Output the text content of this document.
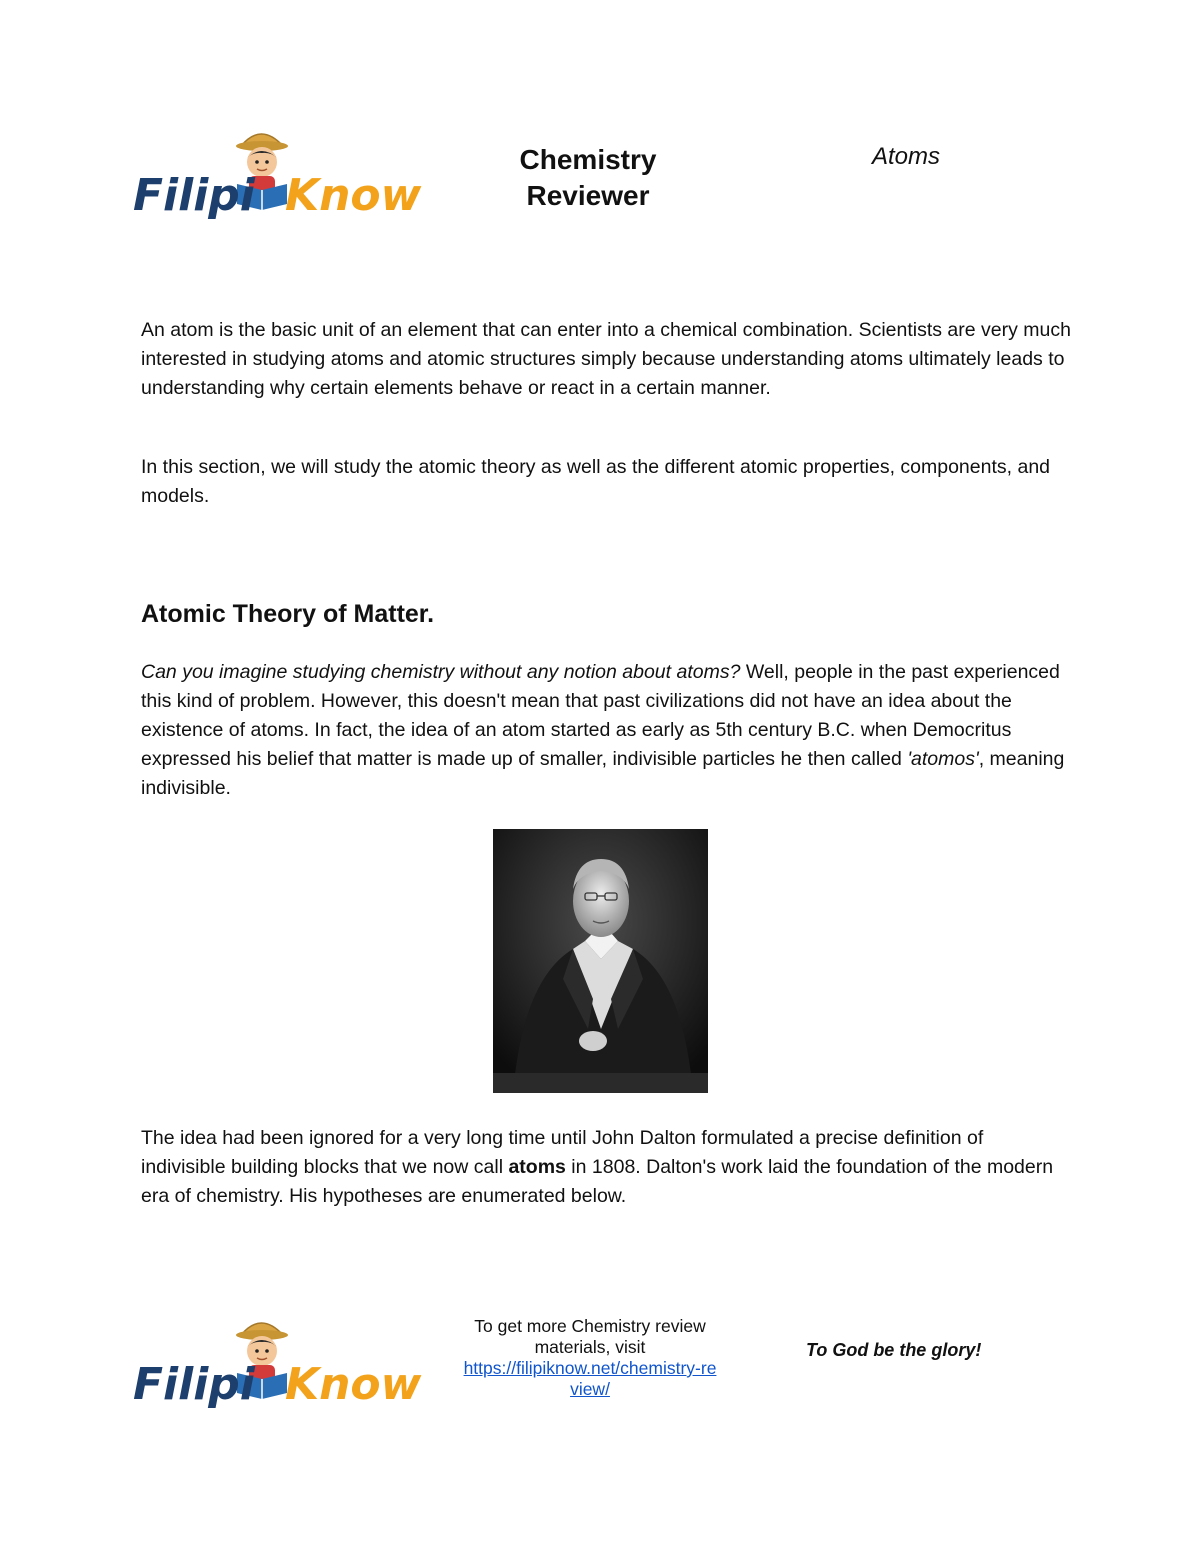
Filipi Know
Chemistry
Reviewer
Atoms

An atom is the basic unit of an element that can enter into a chemical combination. Scientists are very much interested in studying atoms and atomic structures simply because understanding atoms ultimately leads to understanding why certain elements behave or react in a certain manner.

In this section, we will study the atomic theory as well as the different atomic properties, components, and models.

Atomic Theory of Matter.

Can you imagine studying chemistry without any notion about atoms? Well, people in the past experienced this kind of problem. However, this doesn't mean that past civilizations did not have an idea about the existence of atoms. In fact, the idea of an atom started as early as 5th century B.C. when Democritus expressed his belief that matter is made up of smaller, indivisible particles he then called 'atomos', meaning indivisible.

The idea had been ignored for a very long time until John Dalton formulated a precise definition of indivisible building blocks that we now call atoms in 1808. Dalton's work laid the foundation of the modern era of chemistry. His hypotheses are enumerated below.

Filipi Know
To get more Chemistry review
materials, visit
https://filipiknow.net/chemistry-re
view/
To God be the glory!
